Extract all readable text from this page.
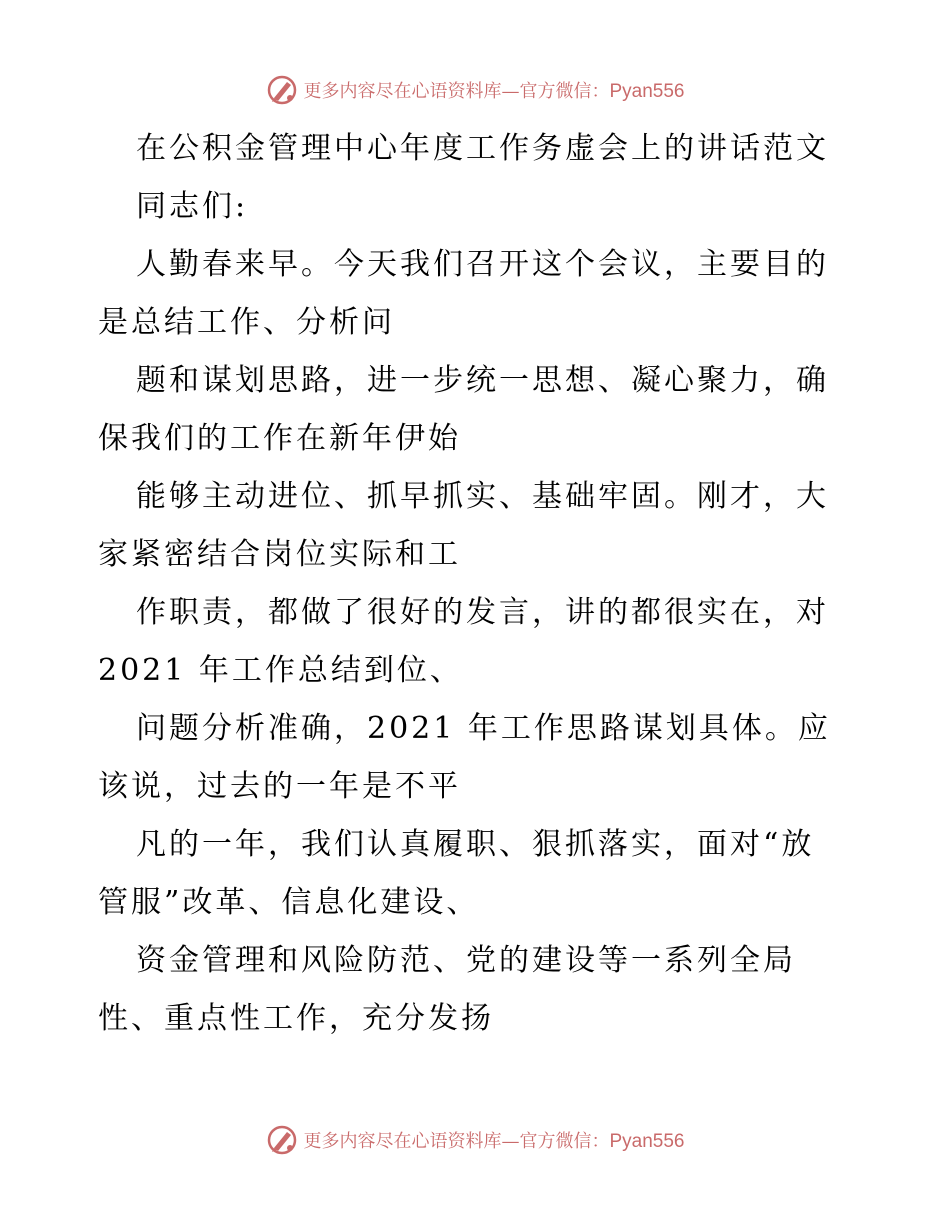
更多内容尽在心语资料库—官方微信：Pyan556
在公积金管理中心年度工作务虚会上的讲话范文
同志们:
人勤春来早。今天我们召开这个会议，主要目的
是总结工作、分析问
题和谋划思路，进一步统一思想、凝心聚力，确
保我们的工作在新年伊始
能够主动进位、抓早抓实、基础牢固。刚才，大
家紧密结合岗位实际和工
作职责，都做了很好的发言，讲的都很实在，对
2021 年工作总结到位、
问题分析准确，2021 年工作思路谋划具体。应
该说，过去的一年是不平
凡的一年，我们认真履职、狠抓落实，面对“放
管服”改革、信息化建设、
资金管理和风险防范、党的建设等一系列全局
性、重点性工作，充分发扬
更多内容尽在心语资料库—官方微信：Pyan556
